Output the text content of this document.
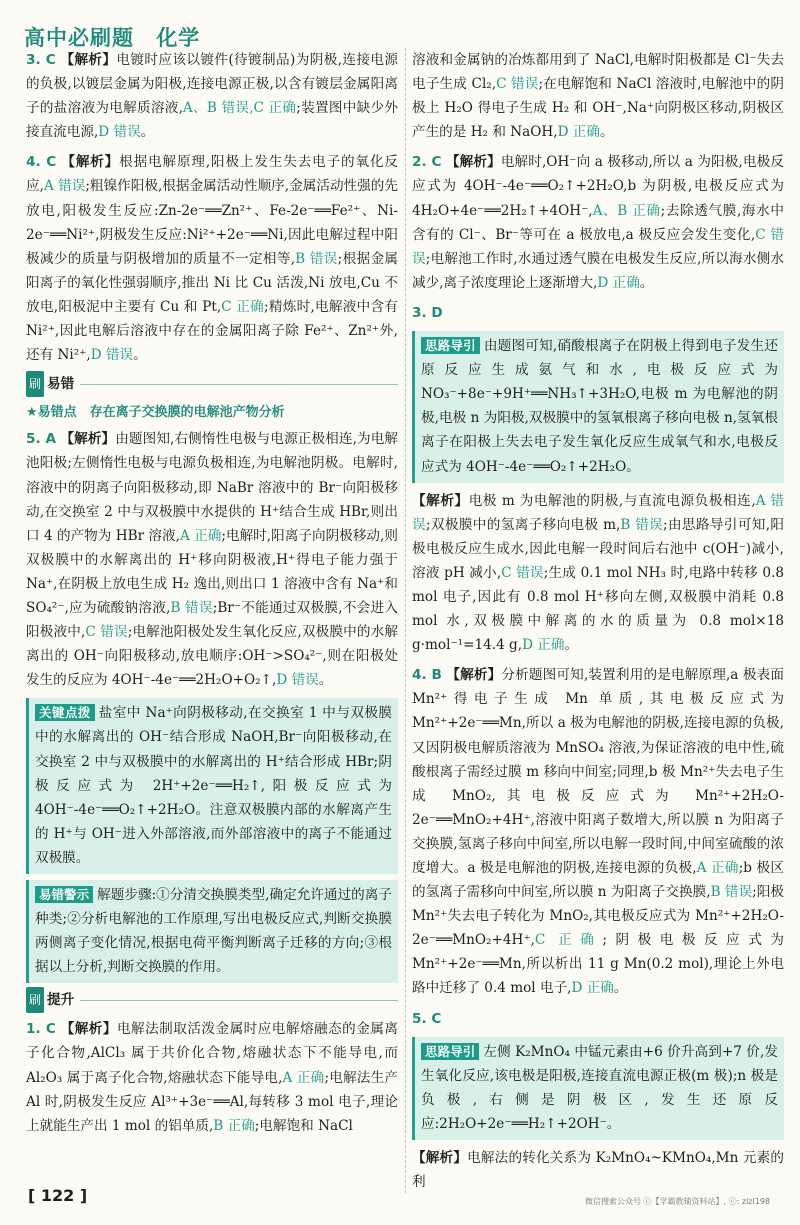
高中必刷题 化学

3. C 【解析】电镀时应该以镀件(待镀制品)为阴极,连接电源的负极,以镀层金属为阳极,连接电源正极,以含有镀层金属阳离子的盐溶液为电解质溶液,A、B 错误,C 正确;装置图中缺少外接直流电源,D 错误。

4. C 【解析】根据电解原理,阳极上发生失去电子的氧化反应,A 错误;粗镍作阳极,根据金属活动性顺序,金属活动性强的先放电,阳极发生反应:Zn-2e⁻══Zn²⁺、Fe-2e⁻══Fe²⁺、Ni-2e⁻══Ni²⁺,阴极发生反应:Ni²⁺+2e⁻══Ni,因此电解过程中阳极减少的质量与阴极增加的质量不一定相等,B 错误;根据金属阳离子的氧化性强弱顺序,推出 Ni 比 Cu 活泼,Ni 放电,Cu 不放电,阳极泥中主要有 Cu 和 Pt,C 正确;精炼时,电解液中含有 Ni²⁺,因此电解后溶液中存在的金属阳离子除 Fe²⁺、Zn²⁺外,还有 Ni²⁺,D 错误。

刷 易错
★易错点　存在离子交换膜的电解池产物分析

5. A 【解析】由题图知,右侧惰性电极与电源正极相连,为电解池阳极;左侧惰性电极与电源负极相连,为电解池阴极。电解时,溶液中的阴离子向阳极移动,即 NaBr 溶液中的 Br⁻向阳极移动,在交换室 2 中与双极膜中水提供的 H⁺结合生成 HBr,则出口 4 的产物为 HBr 溶液,A 正确;电解时,阳离子向阴极移动,则双极膜中的水解离出的 H⁺移向阴极液,H⁺得电子能力强于 Na⁺,在阴极上放电生成 H₂ 逸出,则出口 1 溶液中含有 Na⁺和 SO₄²⁻,应为硫酸钠溶液,B 错误;Br⁻不能通过双极膜,不会进入阳极液中,C 错误;电解池阳极处发生氧化反应,双极膜中的水解离出的 OH⁻向阳极移动,放电顺序:OH⁻>SO₄²⁻,则在阳极处发生的反应为 4OH⁻-4e⁻══2H₂O+O₂↑,D 错误。

关键点拨 盐室中 Na⁺向阴极移动,在交换室 1 中与双极膜中的水解离出的 OH⁻结合形成 NaOH,Br⁻向阳极移动,在交换室 2 中与双极膜中的水解离出的 H⁺结合形成 HBr;阴极反应式为 2H⁺+2e⁻══H₂↑,阳极反应式为 4OH⁻-4e⁻══O₂↑+2H₂O。注意双极膜内部的水解离产生的 H⁺与 OH⁻进入外部溶液,而外部溶液中的离子不能通过双极膜。
易错警示 解题步骤:①分清交换膜类型,确定允许通过的离子种类;②分析电解池的工作原理,写出电极反应式,判断交换膜两侧离子变化情况,根据电荷平衡判断离子迁移的方向;③根据以上分析,判断交换膜的作用。
刷 提升

1. C 【解析】电解法制取活泼金属时应电解熔融态的金属离子化合物,AlCl₃ 属于共价化合物,熔融状态下不能导电,而 Al₂O₃ 属于离子化合物,熔融状态下能导电,A 正确;电解法生产 Al 时,阴极发生反应 Al³⁺+3e⁻══Al,每转移 3 mol 电子,理论上就能生产出 1 mol 的铝单质,B 正确;电解饱和 NaCl

溶液和金属钠的冶炼都用到了 NaCl,电解时阳极都是 Cl⁻失去电子生成 Cl₂,C 错误;在电解饱和 NaCl 溶液时,电解池中的阴极上 H₂O 得电子生成 H₂ 和 OH⁻,Na⁺向阴极区移动,阴极区产生的是 H₂ 和 NaOH,D 正确。

2. C 【解析】电解时,OH⁻向 a 极移动,所以 a 为阳极,电极反应式为 4OH⁻-4e⁻══O₂↑+2H₂O,b 为阴极,电极反应式为 4H₂O+4e⁻══2H₂↑+4OH⁻,A、B 正确;去除透气膜,海水中含有的 Cl⁻、Br⁻等可在 a 极放电,a 极反应会发生变化,C 错误;电解池工作时,水通过透气膜在电极发生反应,所以海水侧水减少,离子浓度理论上逐渐增大,D 正确。

3. D

思路导引 由题图可知,硝酸根离子在阴极上得到电子发生还原反应生成氨气和水,电极反应式为 NO₃⁻+8e⁻+9H⁺══NH₃↑+3H₂O,电极 m 为电解池的阴极,电极 n 为阳极,双极膜中的氢氧根离子移向电极 n,氢氧根离子在阳极上失去电子发生氧化反应生成氧气和水,电极反应式为 4OH⁻-4e⁻══O₂↑+2H₂O。

【解析】电极 m 为电解池的阴极,与直流电源负极相连,A 错误;双极膜中的氢离子移向电极 m,B 错误;由思路导引可知,阳极电极反应生成水,因此电解一段时间后右池中 c(OH⁻)减小,溶液 pH 减小,C 错误;生成 0.1 mol NH₃ 时,电路中转移 0.8 mol 电子,因此有 0.8 mol H⁺移向左侧,双极膜中消耗 0.8 mol 水,双极膜中解离的水的质量为 0.8 mol×18 g·mol⁻¹=14.4 g,D 正确。

4. B 【解析】分析题图可知,装置利用的是电解原理,a 极表面 Mn²⁺得电子生成 Mn 单质,其电极反应式为 Mn²⁺+2e⁻══Mn,所以 a 极为电解池的阴极,连接电源的负极,又因阴极电解质溶液为 MnSO₄ 溶液,为保证溶液的电中性,硫酸根离子需经过膜 m 移向中间室;同理,b 极 Mn²⁺失去电子生成 MnO₂,其电极反应式为 Mn²⁺+2H₂O-2e⁻══MnO₂+4H⁺,溶液中阳离子数增大,所以膜 n 为阳离子交换膜,氢离子移向中间室,所以电解一段时间,中间室硫酸的浓度增大。a 极是电解池的阴极,连接电源的负极,A 正确;b 极区的氢离子需移向中间室,所以膜 n 为阳离子交换膜,B 错误;阳极 Mn²⁺失去电子转化为 MnO₂,其电极反应式为 Mn²⁺+2H₂O-2e⁻══MnO₂+4H⁺,C 正确;阴极电极反应式为 Mn²⁺+2e⁻══Mn,所以析出 11 g Mn(0.2 mol),理论上外电路中迁移了 0.4 mol 电子,D 正确。

5. C

思路导引 左侧 K₂MnO₄ 中锰元素由+6 价升高到+7 价,发生氧化反应,该电极是阳极,连接直流电源正极(m 极);n 极是负极,右侧是阴极区,发生还原反应:2H₂O+2e⁻══H₂↑+2OH⁻。

【解析】电解法的转化关系为 K₂MnO₄~KMnO₄,Mn 元素的利

[ 122 ]	微信搜索公众号 ⓒ【学霸教辅资料站】, ⓒ: zlzl198
